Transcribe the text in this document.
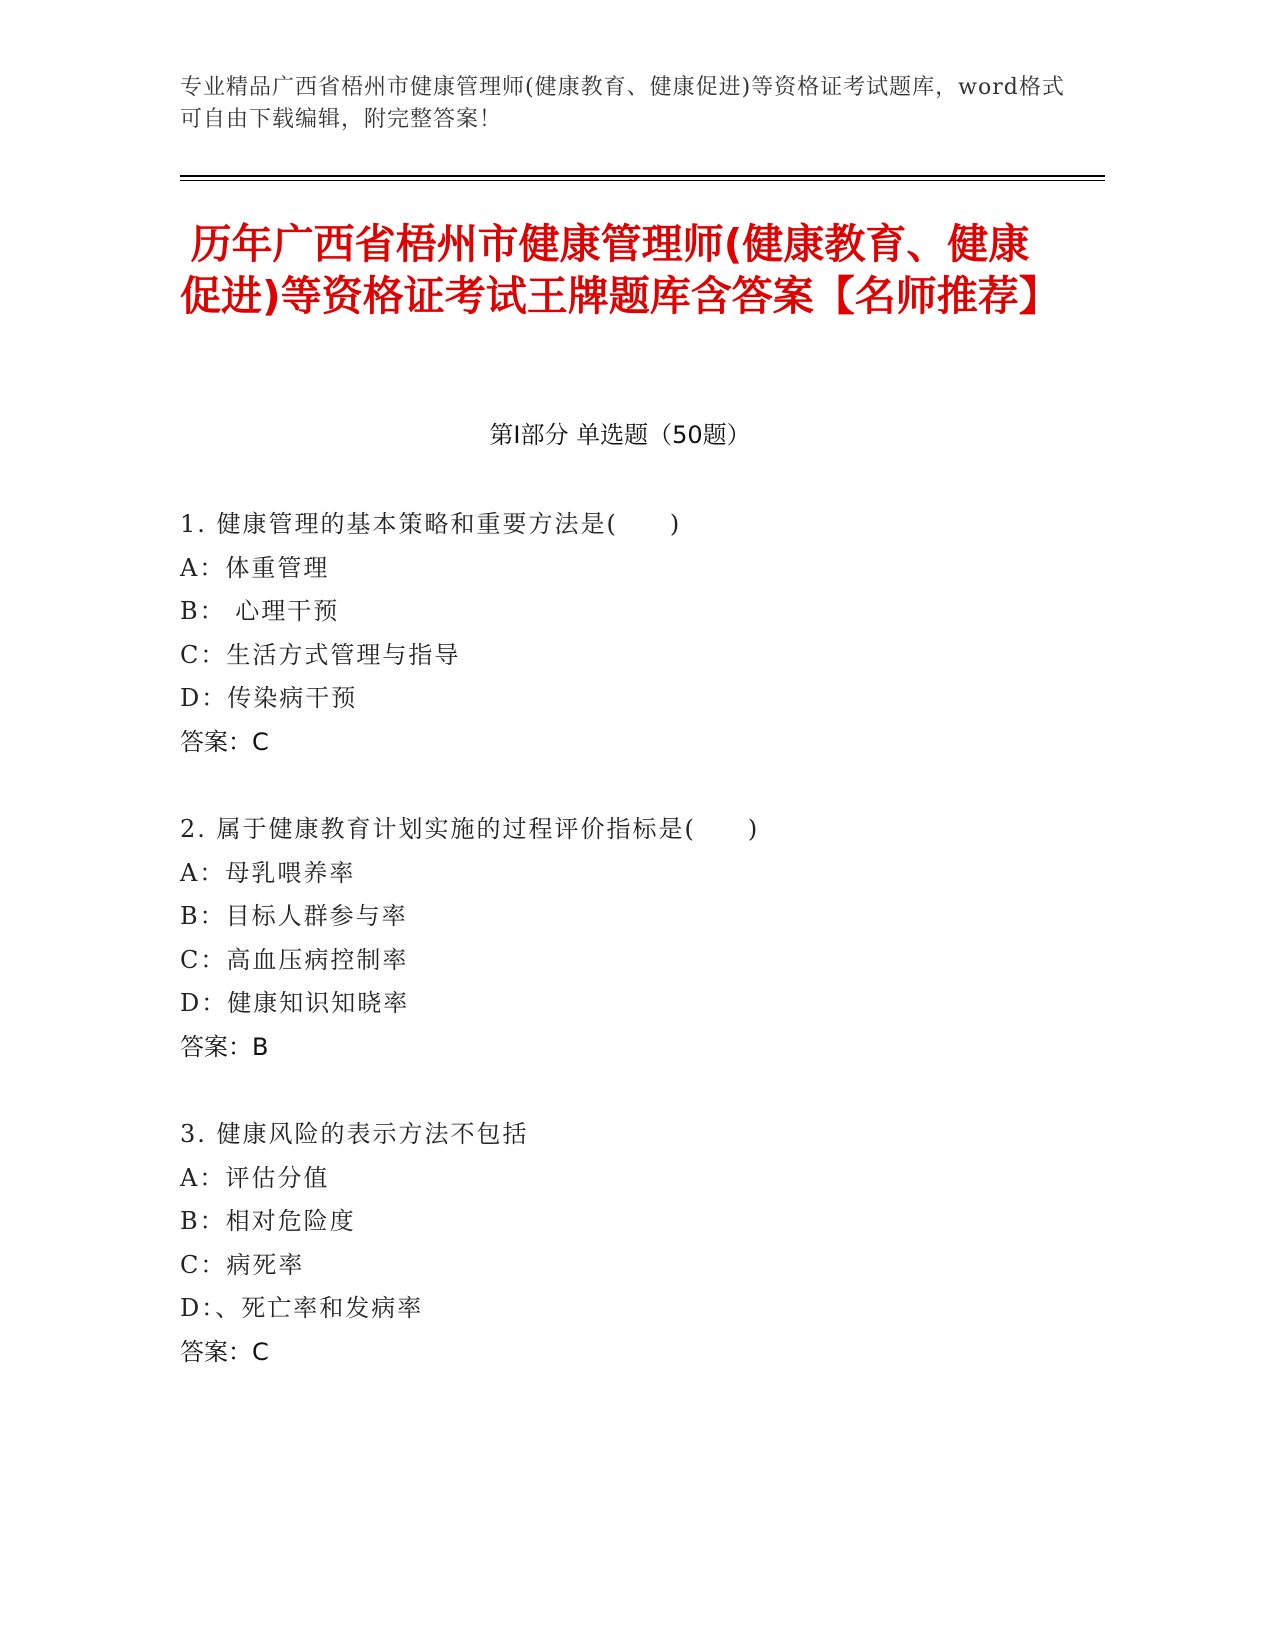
专业精品广西省梧州市健康管理师(健康教育、健康促进)等资格证考试题库，word格式可自由下载编辑，附完整答案！
历年广西省梧州市健康管理师(健康教育、健康促进)等资格证考试王牌题库含答案【名师推荐】
第Ⅰ部分 单选题（50题）
1. 健康管理的基本策略和重要方法是(　　)
A：体重管理
B： 心理干预
C：生活方式管理与指导
D：传染病干预
答案：C
2. 属于健康教育计划实施的过程评价指标是(　　)
A：母乳喂养率
B：目标人群参与率
C：高血压病控制率
D：健康知识知晓率
答案：B
3. 健康风险的表示方法不包括
A：评估分值
B：相对危险度
C：病死率
D：、死亡率和发病率
答案：C
